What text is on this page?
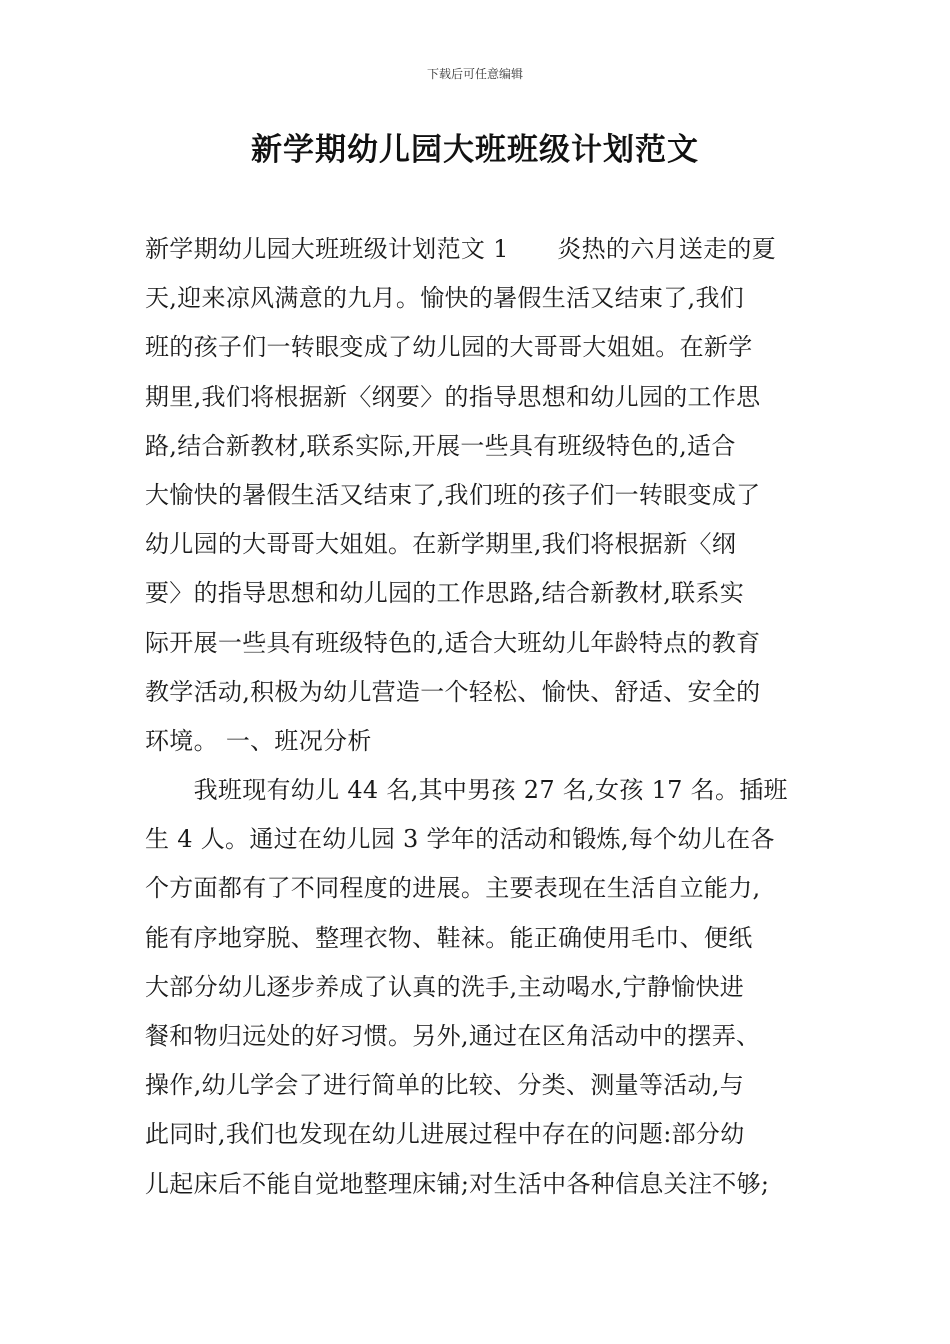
下载后可任意编辑
新学期幼儿园大班班级计划范文
新学期幼儿园大班班级计划范文 1　　炎热的六月送走的夏
天,迎来凉风满意的九月。愉快的暑假生活又结束了,我们
班的孩子们一转眼变成了幼儿园的大哥哥大姐姐。在新学
期里,我们将根据新〈纲要〉的指导思想和幼儿园的工作思
路,结合新教材,联系实际,开展一些具有班级特色的,适合
大愉快的暑假生活又结束了,我们班的孩子们一转眼变成了
幼儿园的大哥哥大姐姐。在新学期里,我们将根据新〈纲
要〉的指导思想和幼儿园的工作思路,结合新教材,联系实
际开展一些具有班级特色的,适合大班幼儿年龄特点的教育
教学活动,积极为幼儿营造一个轻松、愉快、舒适、安全的
环境。 一、班况分析
　　我班现有幼儿 44 名,其中男孩 27 名,女孩 17 名。插班
生 4 人。通过在幼儿园 3 学年的活动和锻炼,每个幼儿在各
个方面都有了不同程度的进展。主要表现在生活自立能力,
能有序地穿脱、整理衣物、鞋袜。能正确使用毛巾、便纸
大部分幼儿逐步养成了认真的洗手,主动喝水,宁静愉快进
餐和物归远处的好习惯。另外,通过在区角活动中的摆弄、
操作,幼儿学会了进行简单的比较、分类、测量等活动,与
此同时,我们也发现在幼儿进展过程中存在的问题:部分幼
儿起床后不能自觉地整理床铺;对生活中各种信息关注不够;
